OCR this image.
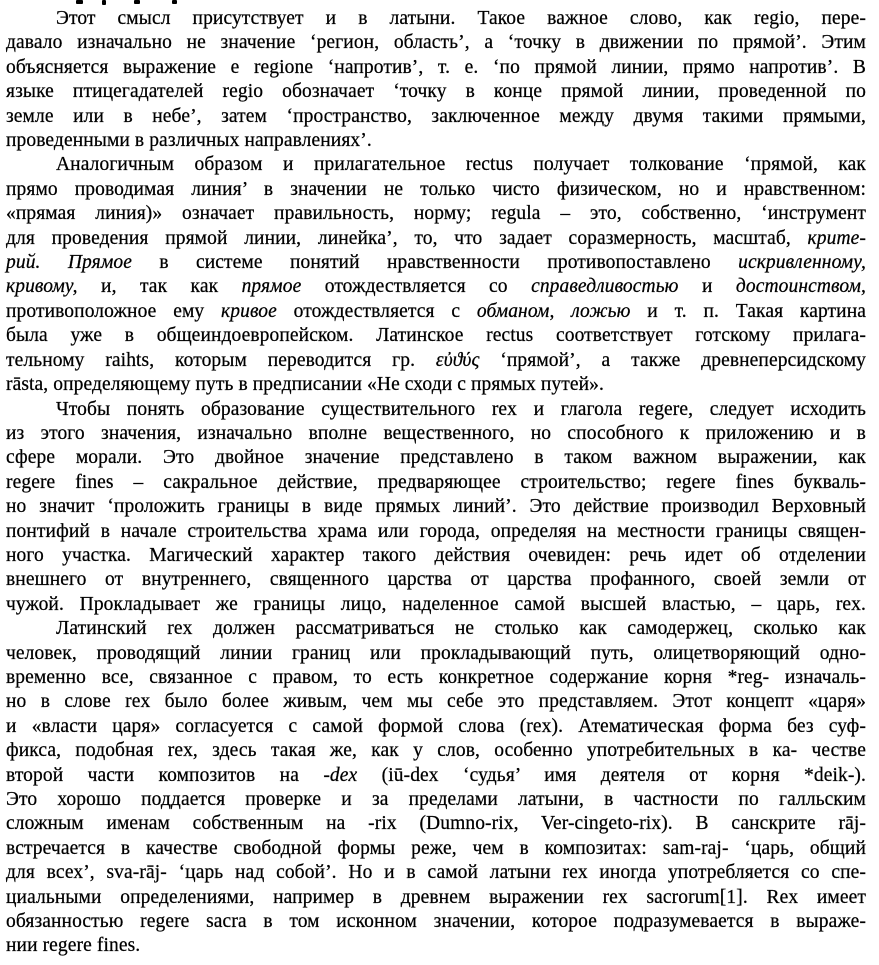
Этот смысл присутствует и в латыни. Такое важное слово, как regio, пере-
давало изначально не значение ‘регион, область’, а ‘точку в движении по прямой’. Этим
объясняется выражение e regione ‘напротив’, т. е. ‘по прямой линии, прямо напротив’. В
языке птицегадателей regio обозначает ‘точку в конце прямой линии, проведенной по
земле или в небе’, затем ‘пространство, заключенное между двумя такими прямыми,
проведенными в различных направлениях’.
Аналогичным образом и прилагательное rectus получает толкование ‘прямой, как
прямо проводимая линия’ в значении не только чисто физическом, но и нравственном:
«прямая линия)» означает правильность, норму; regula – это, собственно, ‘инструмент
для проведения прямой линии, линейка’, то, что задает соразмерность, масштаб, крите-
рий. Прямое в системе понятий нравственности противопоставлено искривленному,
кривому, и, так как прямое отождествляется со справедливостью и достоинством,
противоположное ему кривое отождествляется с обманом, ложью и т. п. Такая картина
была уже в общеиндоевропейском. Латинское rectus соответствует готскому прилага-
тельному raihts, которым переводится гр. εὐϑύς ‘прямой’, а также древнеперсидскому
rāsta, определяющему путь в предписании «Не сходи с прямых путей».
Чтобы понять образование существительного rex и глагола regere, следует исходить
из этого значения, изначально вполне вещественного, но способного к приложению и в
сфере морали. Это двойное значение представлено в таком важном выражении, как
regere fines – сакральное действие, предваряющее строительство; regere fines букваль-
но значит ‘проложить границы в виде прямых линий’. Это действие производил Верховный
понтифий в начале строительства храма или города, определяя на местности границы священ-
ного участка. Магический характер такого действия очевиден: речь идет об отделении
внешнего от внутреннего, священного царства от царства профанного, своей земли от
чужой. Прокладывает же границы лицо, наделенное самой высшей властью, – царь, rex.
Латинский rex должен рассматриваться не столько как самодержец, сколько как
человек, проводящий линии границ или прокладывающий путь, олицетворяющий одно-
временно все, связанное с правом, то есть конкретное содержание корня *reg- изначаль-
но в слове rex было более живым, чем мы себе это представляем. Этот концепт «царя»
и «власти царя» согласуется с самой формой слова (rex). Атематическая форма без суф-
фикса, подобная rex, здесь такая же, как у слов, особенно употребительных в ка- честве
второй части композитов на -dex (iū-dex ‘судья’ имя деятеля от корня *deik-).
Это хорошо поддается проверке и за пределами латыни, в частности по галльским
сложным именам собственным на -rix (Dumno-rix, Ver-cingeto-rix). В санскрите rāj-
встречается в качестве свободной формы реже, чем в композитах: sam-raj- ‘царь, общий
для всех’, sva-rāj- ‘царь над собой’. Но и в самой латыни rex иногда употребляется со спе-
циальными определениями, например в древнем выражении rex sacrorum[1]. Rex имеет
обязанностью regere sacra в том исконном значении, которое подразумевается в выраже-
нии regere fines.
